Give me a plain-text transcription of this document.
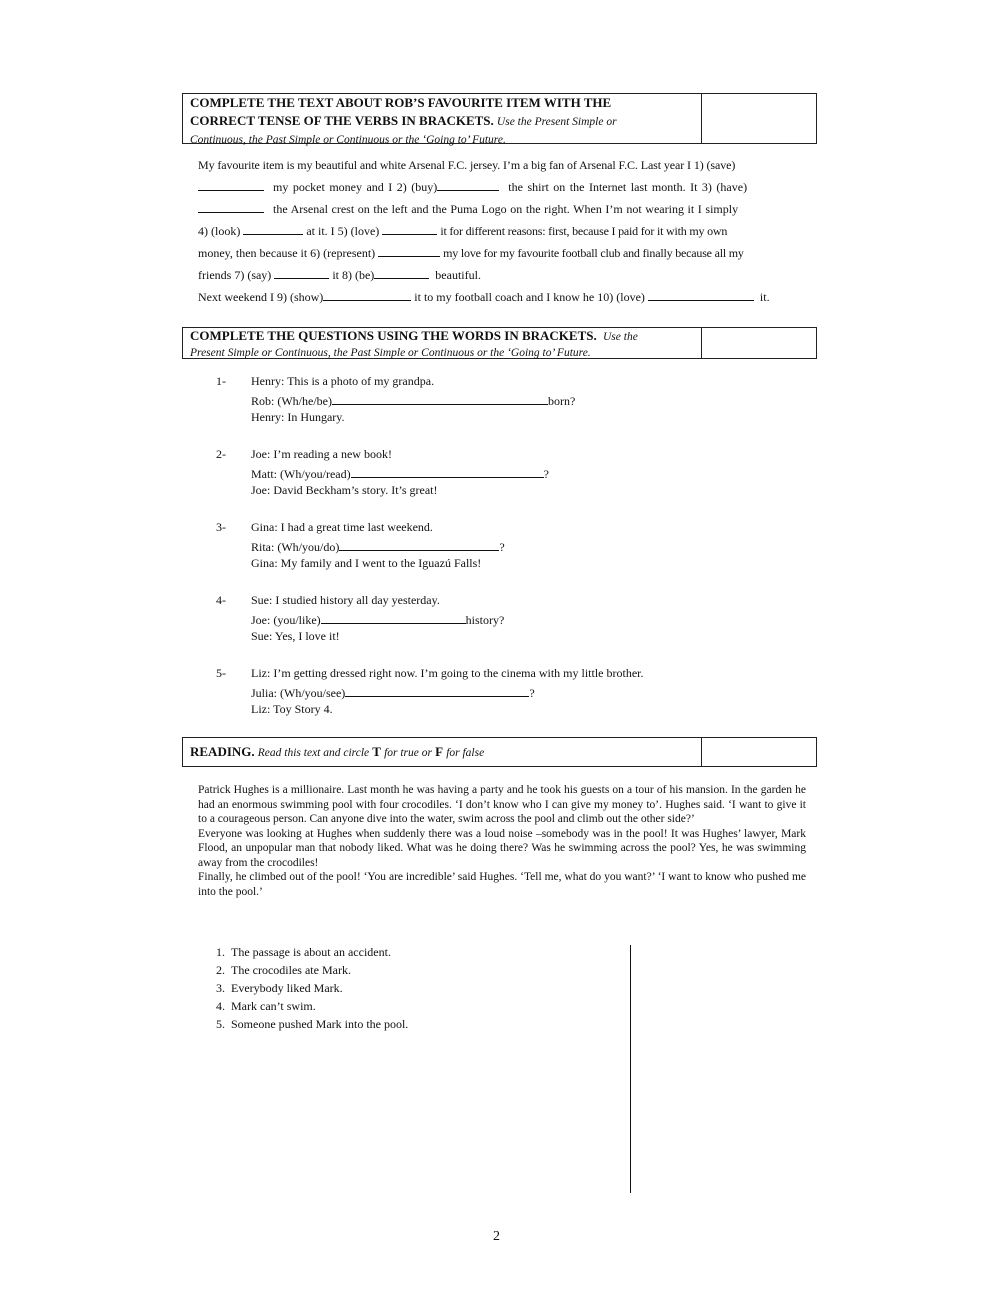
COMPLETE THE TEXT ABOUT ROB’S FAVOURITE ITEM WITH THE
CORRECT TENSE OF THE VERBS IN BRACKETS. Use the Present Simple or
Continuous, the Past Simple or Continuous or the ‘Going to’ Future.
My favourite item is my beautiful and white Arsenal F.C. jersey. I’m a big fan of Arsenal F.C. Last year I 1) (save)
my pocket money and I 2) (buy)	the shirt on the Internet last month. It 3) (have)
the Arsenal crest on the left and the Puma Logo on the right. When I’m not wearing it I simply
4) (look)	at it. I 5) (love)	it for different reasons: first, because I paid for it with my own
money, then because it 6) (represent)	my love for my favourite football club and finally because all my
friends 7) (say)	it 8) (be)	beautiful.
Next weekend I 9) (show)	it to my football coach and I know he 10) (love)	it.
COMPLETE THE QUESTIONS USING THE WORDS IN BRACKETS. Use the
Present Simple or Continuous, the Past Simple or Continuous or the ‘Going to’ Future.
1- Henry: This is a photo of my grandpa.
Rob: (Wh/he/be)	born?
Henry: In Hungary.
2- Joe: I’m reading a new book!
Matt: (Wh/you/read)	?
Joe: David Beckham’s story. It’s great!
3- Gina: I had a great time last weekend.
Rita: (Wh/you/do)	?
Gina: My family and I went to the Iguazú Falls!
4- Sue: I studied history all day yesterday.
Joe: (you/like)	history?
Sue: Yes, I love it!
5- Liz: I’m getting dressed right now. I’m going to the cinema with my little brother.
Julia: (Wh/you/see)	?
Liz: Toy Story 4.
READING. Read this text and circle T for true or F for false
Patrick Hughes is a millionaire. Last month he was having a party and he took his guests on a tour of his mansion. In the garden he had an enormous swimming pool with four crocodiles. ‘I don’t know who I can give my money to’. Hughes said. ‘I want to give it to a courageous person. Can anyone dive into the water, swim across the pool and climb out the other side?’
Everyone was looking at Hughes when suddenly there was a loud noise –somebody was in the pool! It was Hughes’ lawyer, Mark Flood, an unpopular man that nobody liked. What was he doing there? Was he swimming across the pool? Yes, he was swimming away from the crocodiles!
Finally, he climbed out of the pool! ‘You are incredible’ said Hughes. ‘Tell me, what do you want?’ ‘I want to know who pushed me into the pool.’
1. The passage is about an accident.
2. The crocodiles ate Mark.
3. Everybody liked Mark.
4. Mark can’t swim.
5. Someone pushed Mark into the pool.
2
